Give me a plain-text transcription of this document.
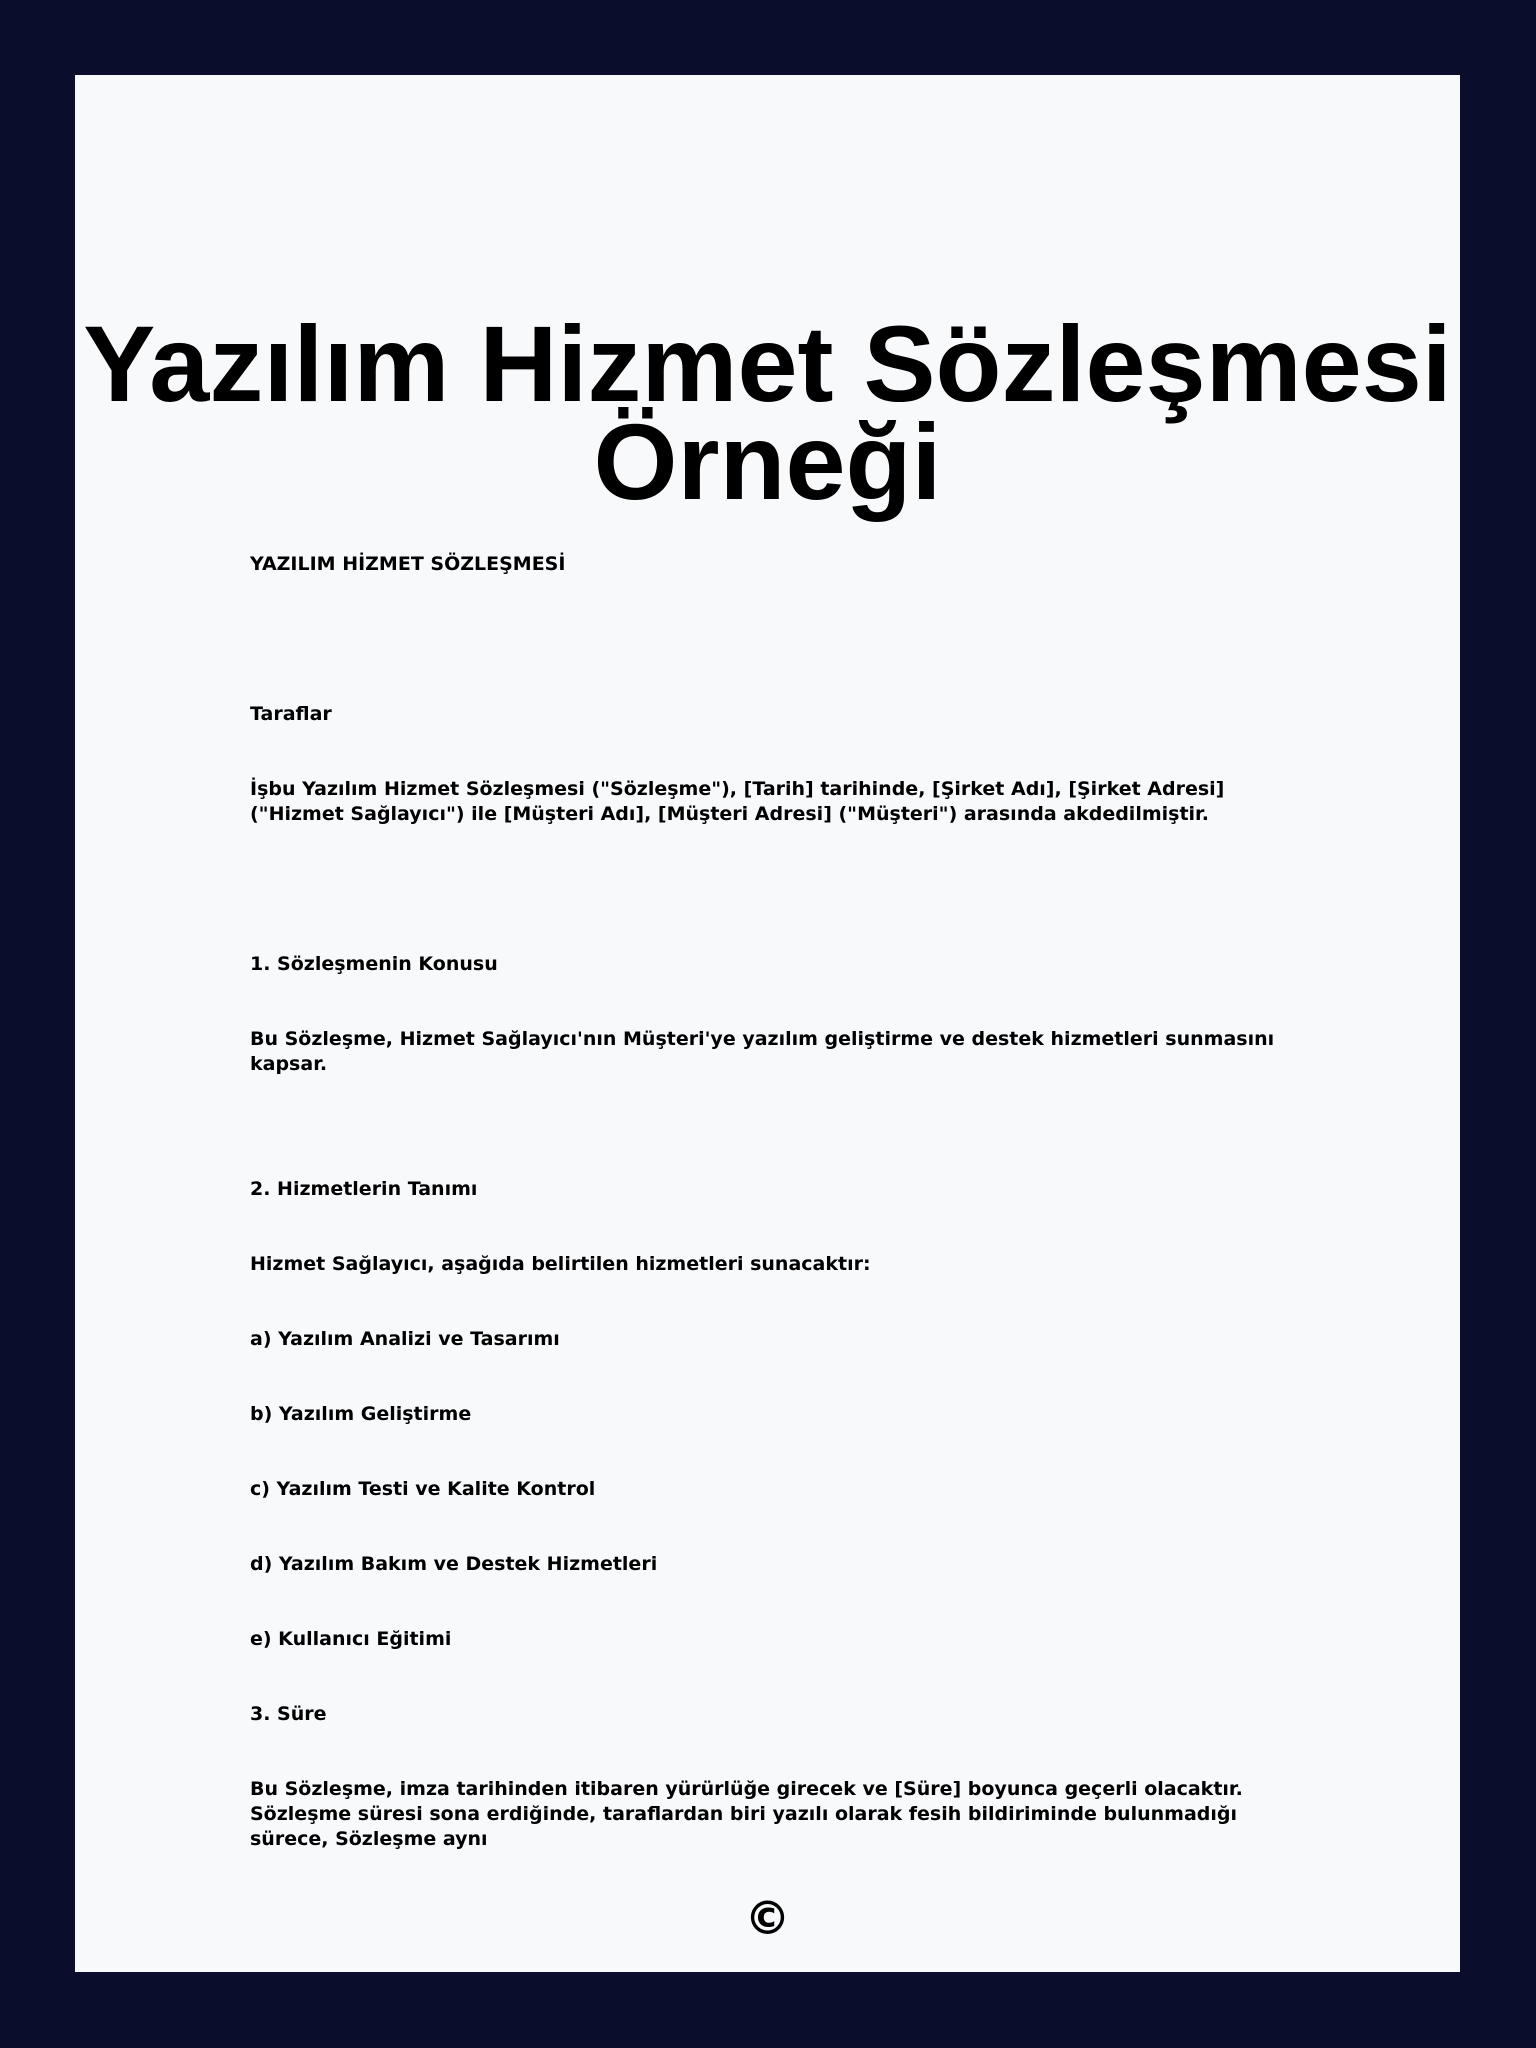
Yazılım Hizmet Sözleşmesi Örneği

YAZILIM HİZMET SÖZLEŞMESİ

Taraflar

İşbu Yazılım Hizmet Sözleşmesi ("Sözleşme"), [Tarih] tarihinde, [Şirket Adı], [Şirket Adresi] ("Hizmet Sağlayıcı") ile [Müşteri Adı], [Müşteri Adresi] ("Müşteri") arasında akdedilmiştir.

1. Sözleşmenin Konusu

Bu Sözleşme, Hizmet Sağlayıcı'nın Müşteri'ye yazılım geliştirme ve destek hizmetleri sunmasını kapsar.

2. Hizmetlerin Tanımı

Hizmet Sağlayıcı, aşağıda belirtilen hizmetleri sunacaktır:

a) Yazılım Analizi ve Tasarımı

b) Yazılım Geliştirme

c) Yazılım Testi ve Kalite Kontrol

d) Yazılım Bakım ve Destek Hizmetleri

e) Kullanıcı Eğitimi

3. Süre

Bu Sözleşme, imza tarihinden itibaren yürürlüğe girecek ve [Süre] boyunca geçerli olacaktır. Sözleşme süresi sona erdiğinde, taraflardan biri yazılı olarak fesih bildiriminde bulunmadığı sürece, Sözleşme aynı

©
